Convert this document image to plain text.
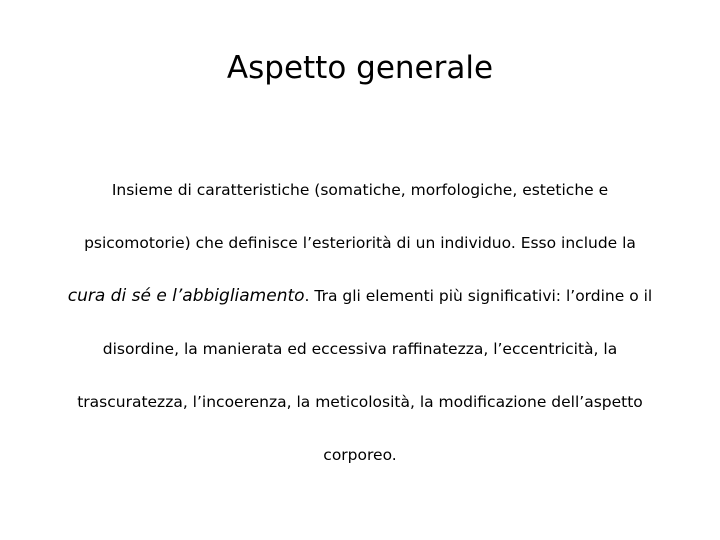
Aspetto generale

Insieme di caratteristiche (somatiche, morfologiche, estetiche e
psicomotorie) che definisce l’esteriorità di un individuo. Esso include la
cura di sé e l’abbigliamento. Tra gli elementi più significativi: l’ordine o il
disordine, la manierata ed eccessiva raffinatezza, l’eccentricità, la
trascuratezza, l’incoerenza, la meticolosità, la modificazione dell’aspetto
corporeo.
